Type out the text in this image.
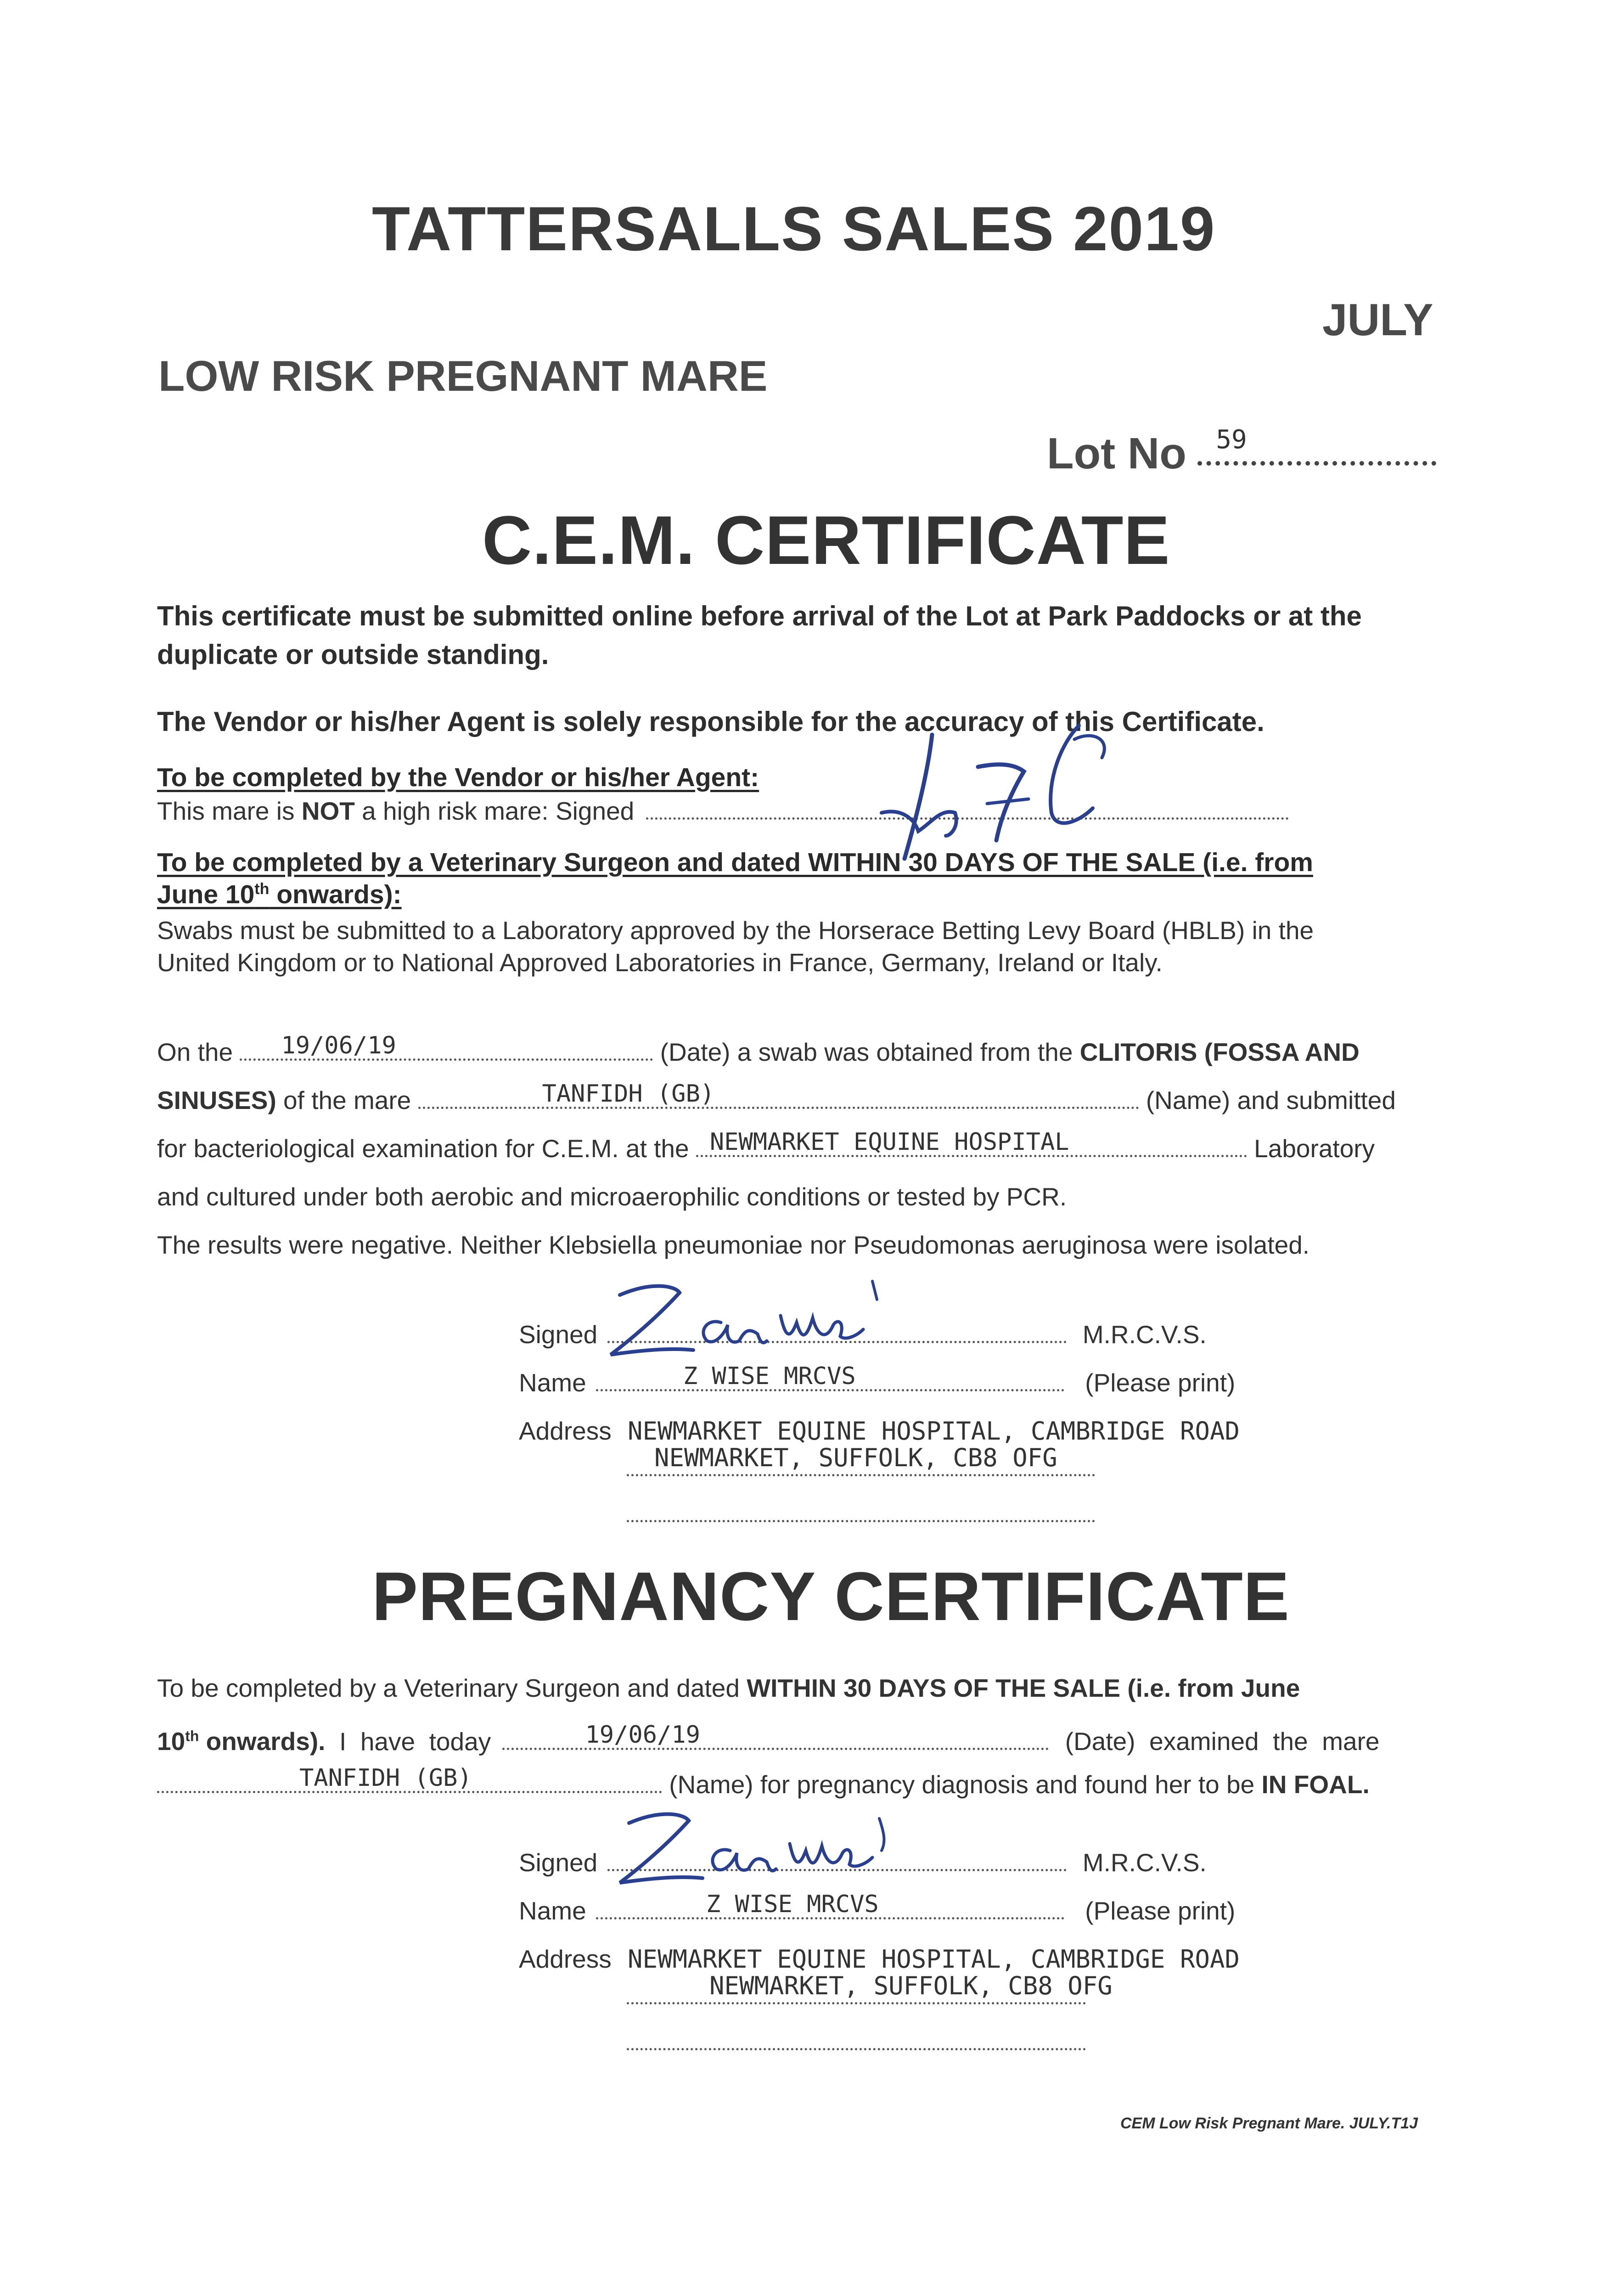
TATTERSALLS SALES 2019
JULY
LOW RISK PREGNANT MARE
Lot No 59
C.E.M. CERTIFICATE
This certificate must be submitted online before arrival of the Lot at Park Paddocks or at the duplicate or outside standing.
The Vendor or his/her Agent is solely responsible for the accuracy of this Certificate.
To be completed by the Vendor or his/her Agent:
This mare is NOT a high risk mare: Signed
To be completed by a Veterinary Surgeon and dated WITHIN 30 DAYS OF THE SALE (i.e. from
June 10th onwards):
Swabs must be submitted to a Laboratory approved by the Horserace Betting Levy Board (HBLB) in the
United Kingdom or to National Approved Laboratories in France, Germany, Ireland or Italy.
On the 19/06/19	(Date) a swab was obtained from the CLITORIS (FOSSA AND
SINUSES) of the mare	TANFIDH (GB)	(Name) and submitted
for bacteriological examination for C.E.M. at the NEWMARKET EQUINE HOSPITAL	Laboratory
and cultured under both aerobic and microaerophilic conditions or tested by PCR.
The results were negative. Neither Klebsiella pneumoniae nor Pseudomonas aeruginosa were isolated.
Signed	M.R.C.V.S.
Name	Z WISE MRCVS	(Please print)
Address NEWMARKET EQUINE HOSPITAL, CAMBRIDGE ROAD
NEWMARKET, SUFFOLK, CB8 OFG
PREGNANCY CERTIFICATE
To be completed by a Veterinary Surgeon and dated WITHIN 30 DAYS OF THE SALE (i.e. from June
10th onwards).  I  have  today	19/06/19	(Date)  examined  the  mare
TANFIDH (GB)	(Name) for pregnancy diagnosis and found her to be IN FOAL.
Signed	M.R.C.V.S.
Name	Z WISE MRCVS	(Please print)
Address NEWMARKET EQUINE HOSPITAL, CAMBRIDGE ROAD
NEWMARKET, SUFFOLK, CB8 OFG
CEM Low Risk Pregnant Mare. JULY.T1J
